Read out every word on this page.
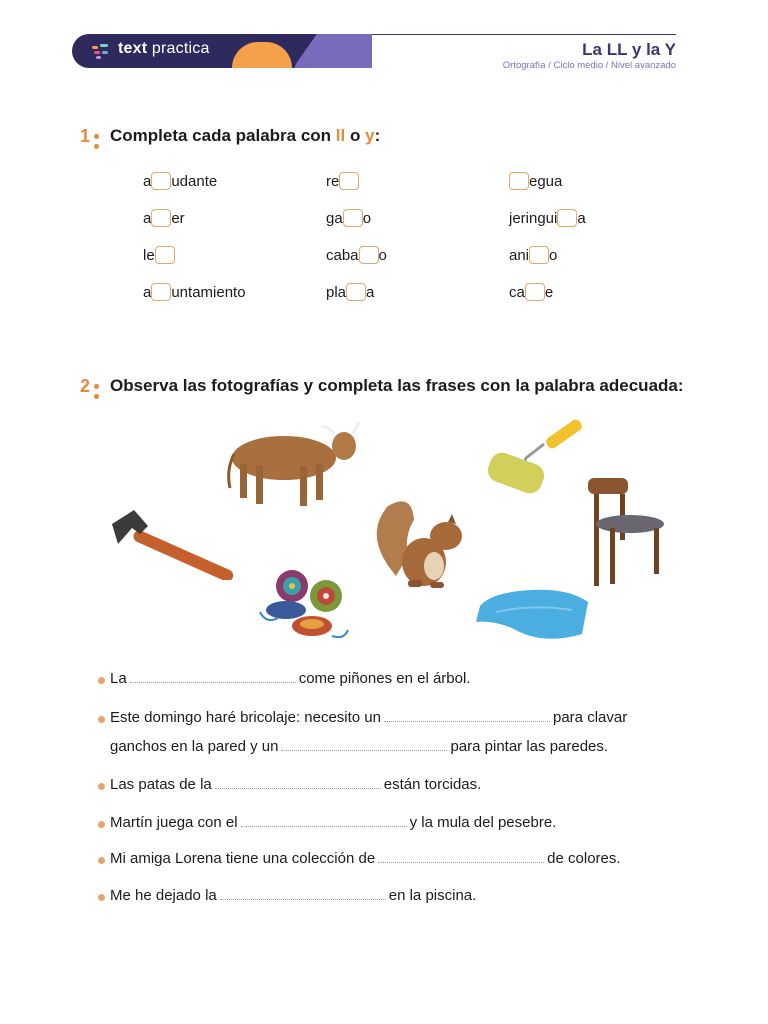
text practica	La LL y la Y
Ortografía / Ciclo medio / Nivel avanzado
1 Completa cada palabra con ll o y:
a udante	re	egua
a er	ga o	jeringui a
le	caba o	ani o
a untamiento	pla a	ca e
2 Observa las fotografías y completa las frases con la palabra adecuada:
La	come piñones en el árbol.
Este domingo haré bricolaje: necesito un	para clavar
ganchos en la pared y un	para pintar las paredes.
Las patas de la	están torcidas.
Martín juega con el	y la mula del pesebre.
Mi amiga Lorena tiene una colección de	de colores.
Me he dejado la	en la piscina.
